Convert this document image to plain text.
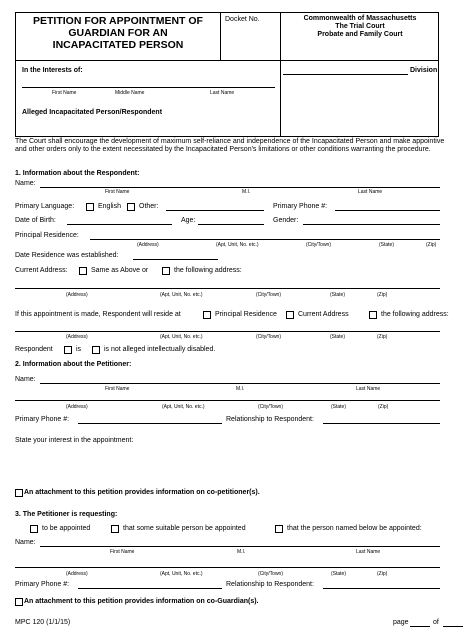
PETITION FOR APPOINTMENT OF
GUARDIAN FOR AN
INCAPACITATED PERSON
Docket No.	Commonwealth of Massachusetts
The Trial Court
Probate and Family Court
In the Interests of:
First Name	Middle Name	Last Name
Alleged Incapacitated Person/Respondent
Division
The Court shall encourage the development of maximum self-reliance and independence of the Incapacitated Person and make appointive and other orders only to the extent necessitated by the Incapacitated Person's limitations or other conditions warranting the procedure.
1. Information about the Respondent:
Name:
First Name	M.I.	Last Name
Primary Language:	English	Other:	Primary Phone #:
Date of Birth:	Age:	Gender:
Principal Residence:
(Address)	(Apt, Unit, No. etc.)	(City/Town)	(State)	(Zip)
Date Residence was established:
Current Address:	Same as Above or	the following address:
(Address)	(Apt, Unit, No. etc.)	(City/Town)	(State)	(Zip)
If this appointment is made, Respondent will reside at	Principal Residence	Current Address	the following address:
(Address)	(Apt, Unit, No. etc.)	(City/Town)	(State)	(Zip)
Respondent	is	is not alleged intellectually disabled.
2. Information about the Petitioner:
Name:
First Name	M.I.	Last Name
(Address)	(Apt, Unit, No. etc.)	(City/Town)	(State)	(Zip)
Primary Phone #:	Relationship to Respondent:
State your interest in the appointment:
An attachment to this petition provides information on co-petitioner(s).
3. The Petitioner is requesting:
to be appointed	that some suitable person be appointed	that the person named below be appointed:
Name:
First Name	M.I.	Last Name
(Address)	(Apt, Unit, No. etc.)	(City/Town)	(State)	(Zip)
Primary Phone #:	Relationship to Respondent:
An attachment to this petition provides information on co-Guardian(s).
MPC 120 (1/1/15)	page	of
